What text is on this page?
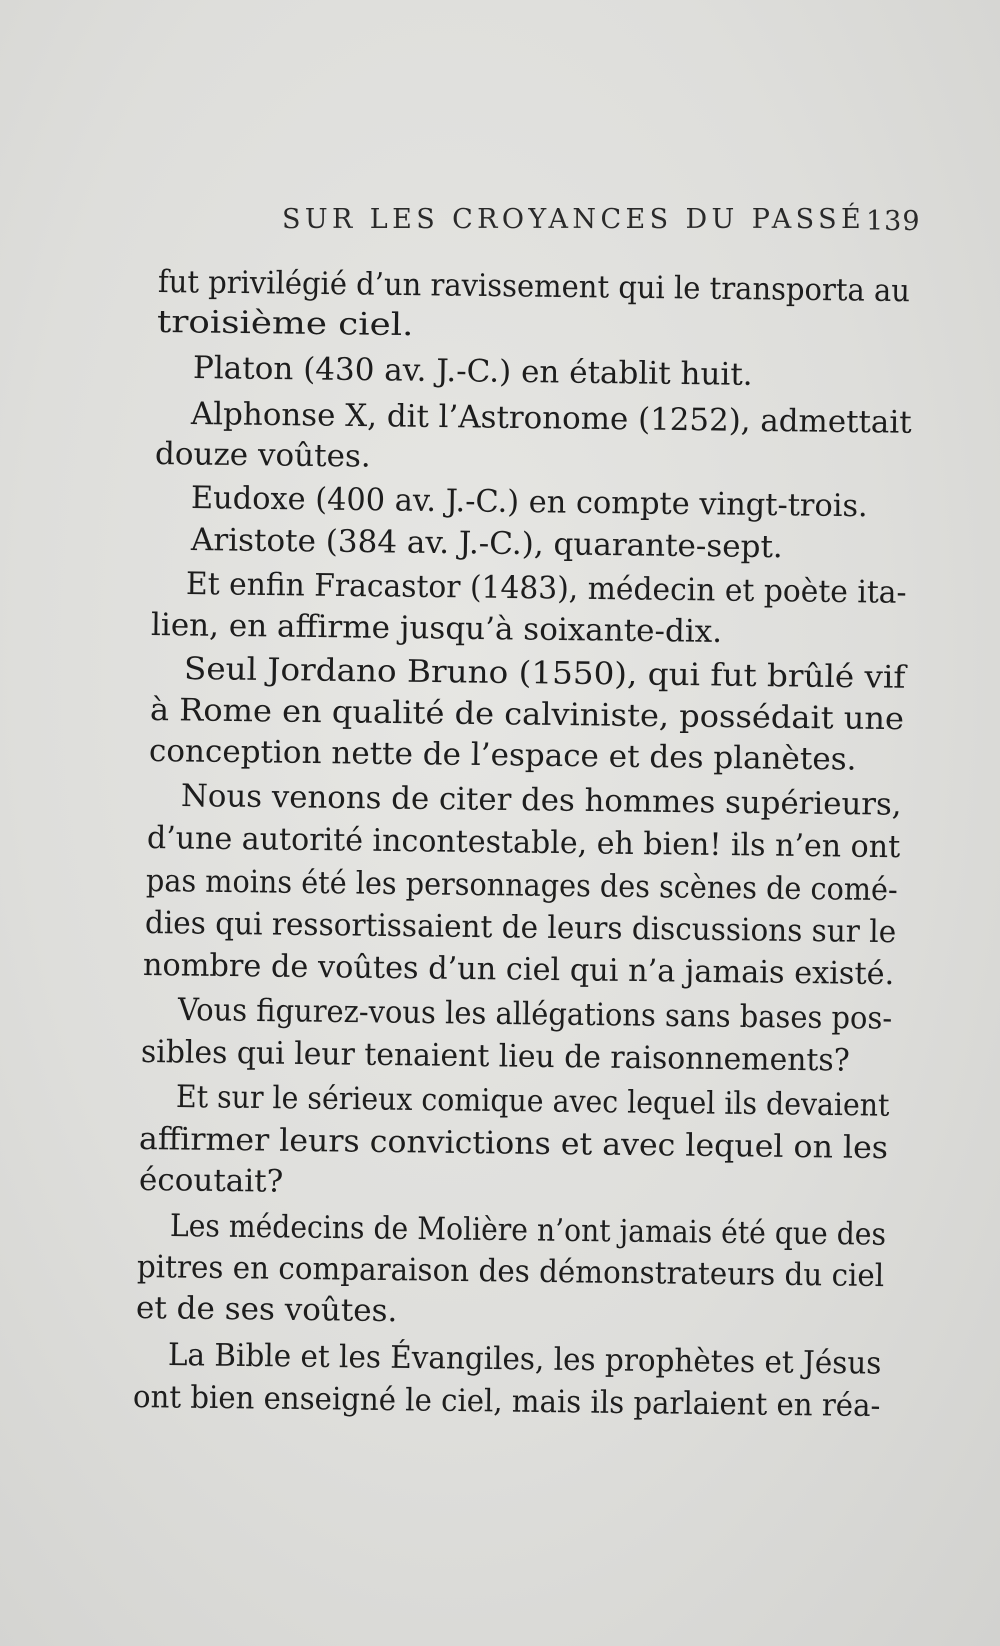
SUR LES CROYANCES DU PASSÉ 139
fut privilégié d’un ravissement qui le transporta au
troisième ciel.
Platon (430 av. J.-C.) en établit huit.
Alphonse X, dit l’Astronome (1252), admettait
douze voûtes.
Eudoxe (400 av. J.-C.) en compte vingt-trois.
Aristote (384 av. J.-C.), quarante-sept.
Et enfin Fracastor (1483), médecin et poète ita-
lien, en affirme jusqu’à soixante-dix.
Seul Jordano Bruno (1550), qui fut brûlé vif
à Rome en qualité de calviniste, possédait une
conception nette de l’espace et des planètes.
Nous venons de citer des hommes supérieurs,
d’une autorité incontestable, eh bien! ils n’en ont
pas moins été les personnages des scènes de comé-
dies qui ressortissaient de leurs discussions sur le
nombre de voûtes d’un ciel qui n’a jamais existé.
Vous figurez-vous les allégations sans bases pos-
sibles qui leur tenaient lieu de raisonnements?
Et sur le sérieux comique avec lequel ils devaient
affirmer leurs convictions et avec lequel on les
écoutait?
Les médecins de Molière n’ont jamais été que des
pitres en comparaison des démonstrateurs du ciel
et de ses voûtes.
La Bible et les Évangiles, les prophètes et Jésus
ont bien enseigné le ciel, mais ils parlaient en réa-
